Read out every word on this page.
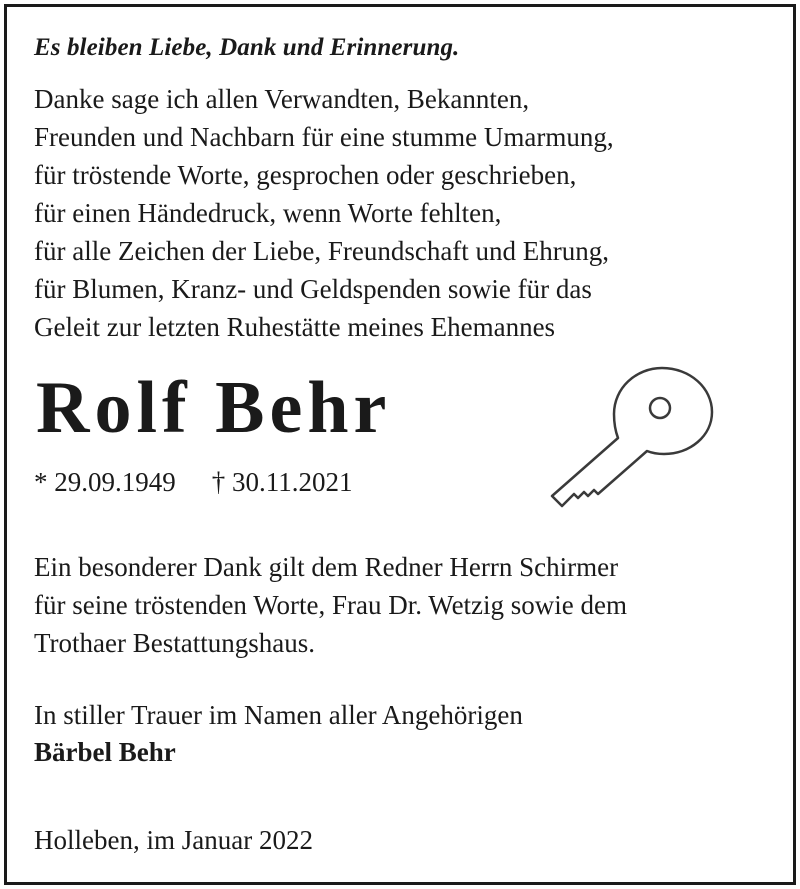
Es bleiben Liebe, Dank und Erinnerung.
Danke sage ich allen Verwandten, Bekannten,
Freunden und Nachbarn für eine stumme Umarmung,
für tröstende Worte, gesprochen oder geschrieben,
für einen Händedruck, wenn Worte fehlten,
für alle Zeichen der Liebe, Freundschaft und Ehrung,
für Blumen, Kranz- und Geldspenden sowie für das
Geleit zur letzten Ruhestätte meines Ehemannes
Rolf Behr
* 29.09.1949 † 30.11.2021
Ein besonderer Dank gilt dem Redner Herrn Schirmer
für seine tröstenden Worte, Frau Dr. Wetzig sowie dem
Trothaer Bestattungshaus.
In stiller Trauer im Namen aller Angehörigen
Bärbel Behr
Holleben, im Januar 2022
